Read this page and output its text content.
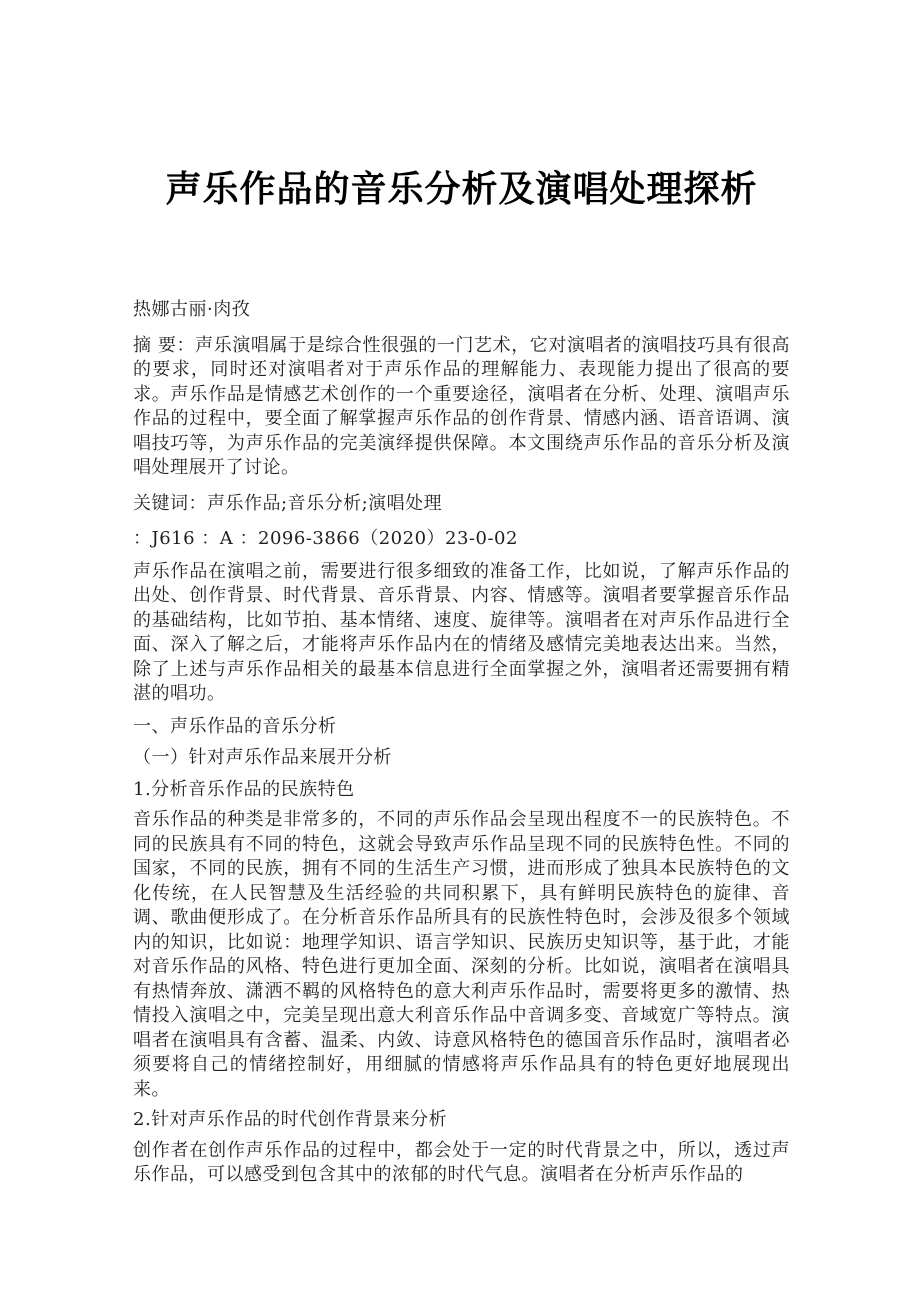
声乐作品的音乐分析及演唱处理探析

热娜古丽·肉孜

摘 要：声乐演唱属于是综合性很强的一门艺术，它对演唱者的演唱技巧具有很高的要求，同时还对演唱者对于声乐作品的理解能力、表现能力提出了很高的要求。声乐作品是情感艺术创作的一个重要途径，演唱者在分析、处理、演唱声乐作品的过程中，要全面了解掌握声乐作品的创作背景、情感内涵、语音语调、演唱技巧等，为声乐作品的完美演绎提供保障。本文围绕声乐作品的音乐分析及演唱处理展开了讨论。

关键词：声乐作品;音乐分析;演唱处理

：J616 ：A ：2096-3866（2020）23-0-02

声乐作品在演唱之前，需要进行很多细致的准备工作，比如说，了解声乐作品的出处、创作背景、时代背景、音乐背景、内容、情感等。演唱者要掌握音乐作品的基础结构，比如节拍、基本情绪、速度、旋律等。演唱者在对声乐作品进行全面、深入了解之后，才能将声乐作品内在的情绪及感情完美地表达出来。当然，除了上述与声乐作品相关的最基本信息进行全面掌握之外，演唱者还需要拥有精湛的唱功。

一、声乐作品的音乐分析

（一）针对声乐作品来展开分析

1.分析音乐作品的民族特色

音乐作品的种类是非常多的，不同的声乐作品会呈现出程度不一的民族特色。不同的民族具有不同的特色，这就会导致声乐作品呈现不同的民族特色性。不同的国家，不同的民族，拥有不同的生活生产习惯，进而形成了独具本民族特色的文化传统，在人民智慧及生活经验的共同积累下，具有鲜明民族特色的旋律、音调、歌曲便形成了。在分析音乐作品所具有的民族性特色时，会涉及很多个领域内的知识，比如说：地理学知识、语言学知识、民族历史知识等，基于此，才能对音乐作品的风格、特色进行更加全面、深刻的分析。比如说，演唱者在演唱具有热情奔放、潇洒不羁的风格特色的意大利声乐作品时，需要将更多的激情、热情投入演唱之中，完美呈现出意大利音乐作品中音调多变、音域宽广等特点。演唱者在演唱具有含蓄、温柔、内敛、诗意风格特色的德国音乐作品时，演唱者必须要将自己的情绪控制好，用细腻的情感将声乐作品具有的特色更好地展现出来。

2.针对声乐作品的时代创作背景来分析

创作者在创作声乐作品的过程中，都会处于一定的时代背景之中，所以，透过声乐作品，可以感受到包含其中的浓郁的时代气息。演唱者在分析声乐作品的
